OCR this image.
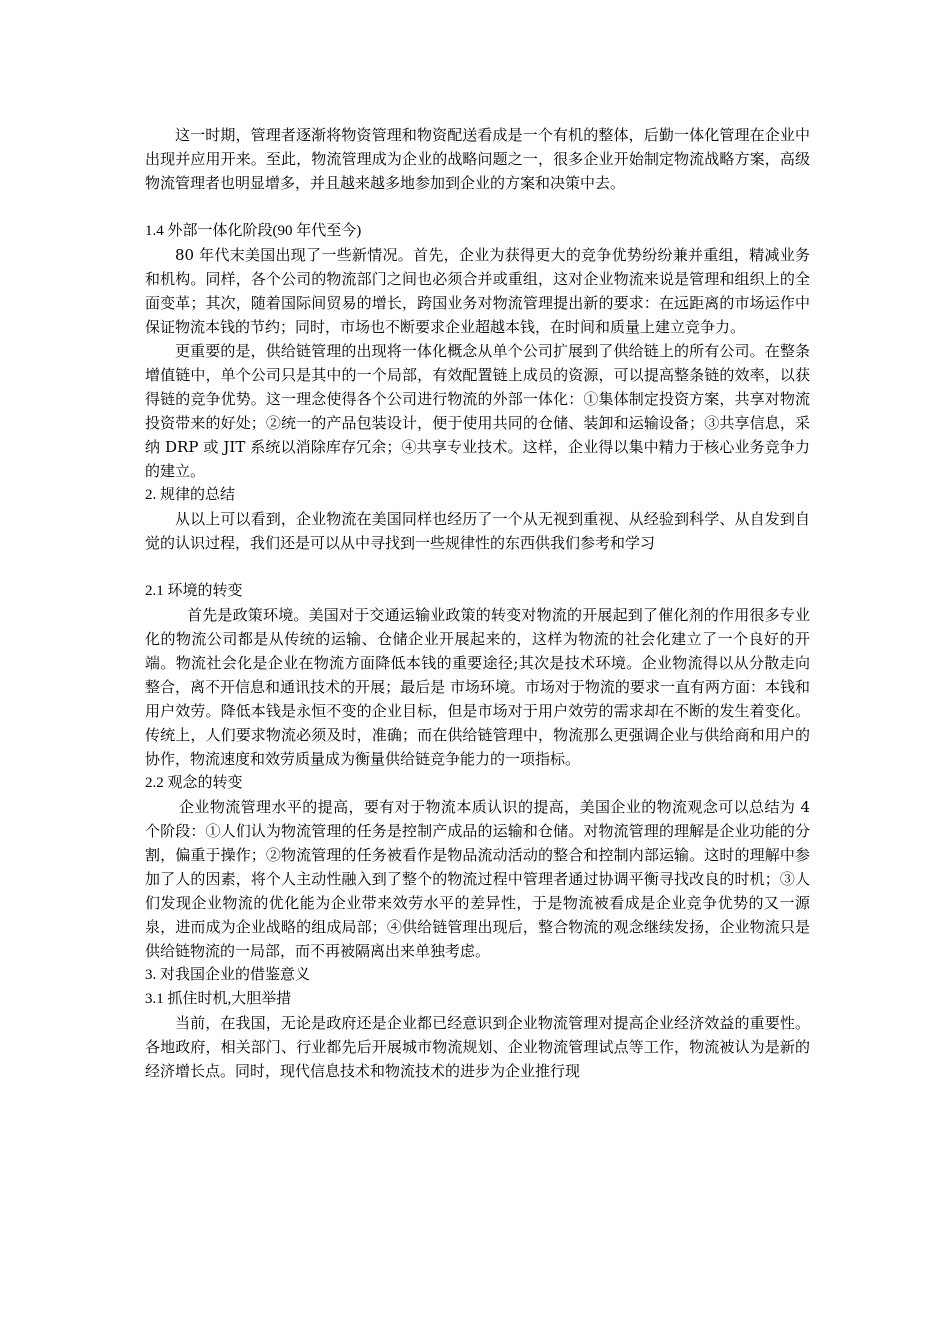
这一时期，管理者逐渐将物资管理和物资配送看成是一个有机的整体，后勤一体化管理在企业中出现并应用开来。至此，物流管理成为企业的战略问题之一，很多企业开始制定物流战略方案，高级物流管理者也明显增多，并且越来越多地参加到企业的方案和决策中去。

1.4 外部一体化阶段(90 年代至今)

80 年代末美国出现了一些新情况。首先，企业为获得更大的竞争优势纷纷兼并重组，精减业务和机构。同样，各个公司的物流部门之间也必须合并或重组，这对企业物流来说是管理和组织上的全面变革；其次，随着国际间贸易的增长，跨国业务对物流管理提出新的要求：在远距离的市场运作中保证物流本钱的节约；同时，市场也不断要求企业超越本钱，在时间和质量上建立竞争力。

更重要的是，供给链管理的出现将一体化概念从单个公司扩展到了供给链上的所有公司。在整条增值链中，单个公司只是其中的一个局部，有效配置链上成员的资源，可以提高整条链的效率，以获得链的竞争优势。这一理念使得各个公司进行物流的外部一体化：①集体制定投资方案，共享对物流投资带来的好处；②统一的产品包装设计，便于使用共同的仓储、装卸和运输设备；③共享信息，采纳 DRP 或 JIT 系统以消除库存冗余；④共享专业技术。这样，企业得以集中精力于核心业务竞争力的建立。

2. 规律的总结

从以上可以看到，企业物流在美国同样也经历了一个从无视到重视、从经验到科学、从自发到自觉的认识过程，我们还是可以从中寻找到一些规律性的东西供我们参考和学习

2.1 环境的转变

首先是政策环境。美国对于交通运输业政策的转变对物流的开展起到了催化剂的作用很多专业化的物流公司都是从传统的运输、仓储企业开展起来的，这样为物流的社会化建立了一个良好的开端。物流社会化是企业在物流方面降低本钱的重要途径;其次是技术环境。企业物流得以从分散走向整合，离不开信息和通讯技术的开展；最后是 市场环境。市场对于物流的要求一直有两方面：本钱和用户效劳。降低本钱是永恒不变的企业目标，但是市场对于用户效劳的需求却在不断的发生着变化。传统上，人们要求物流必须及时，准确；而在供给链管理中，物流那么更强调企业与供给商和用户的协作，物流速度和效劳质量成为衡量供给链竞争能力的一项指标。

2.2 观念的转变

企业物流管理水平的提高，要有对于物流本质认识的提高，美国企业的物流观念可以总结为 4 个阶段：①人们认为物流管理的任务是控制产成品的运输和仓储。对物流管理的理解是企业功能的分割，偏重于操作；②物流管理的任务被看作是物品流动活动的整合和控制内部运输。这时的理解中参加了人的因素，将个人主动性融入到了整个的物流过程中管理者通过协调平衡寻找改良的时机；③人们发现企业物流的优化能为企业带来效劳水平的差异性，于是物流被看成是企业竞争优势的又一源泉，进而成为企业战略的组成局部；④供给链管理出现后，整合物流的观念继续发扬，企业物流只是供给链物流的一局部，而不再被隔离出来单独考虑。

3. 对我国企业的借鉴意义

3.1 抓住时机,大胆举措

当前，在我国，无论是政府还是企业都已经意识到企业物流管理对提高企业经济效益的重要性。各地政府，相关部门、行业都先后开展城市物流规划、企业物流管理试点等工作，物流被认为是新的经济增长点。同时，现代信息技术和物流技术的进步为企业推行现
